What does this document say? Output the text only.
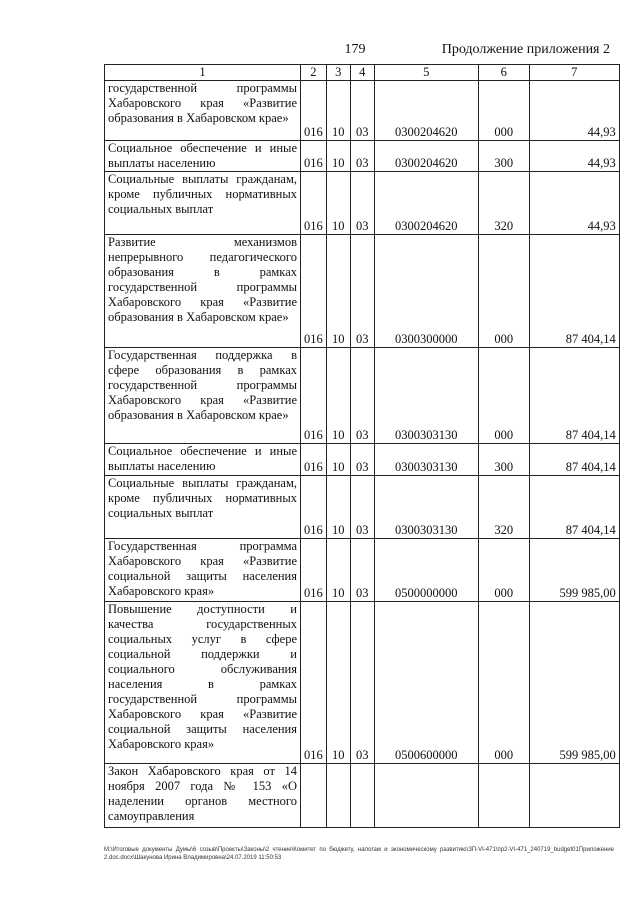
179	Продолжение приложения 2
1	2	3	4	5	6	7
государственной программы Хабаровского края «Развитие образования в Хабаровском крае»	016	10	03	0300204620	000	44,93
Социальное обеспечение и иные выплаты населению	016	10	03	0300204620	300	44,93
Социальные выплаты гражданам, кроме публичных нормативных социальных выплат	016	10	03	0300204620	320	44,93
Развитие механизмов непрерывного педагогического образования в рамках государственной программы Хабаровского края «Развитие образования в Хабаровском крае»	016	10	03	0300300000	000	87 404,14
Государственная поддержка в сфере образования в рамках государственной программы Хабаровского края «Развитие образования в Хабаровском крае»	016	10	03	0300303130	000	87 404,14
Социальное обеспечение и иные выплаты населению	016	10	03	0300303130	300	87 404,14
Социальные выплаты гражданам, кроме публичных нормативных социальных выплат	016	10	03	0300303130	320	87 404,14
Государственная программа Хабаровского края «Развитие социальной защиты населения Хабаровского края»	016	10	03	0500000000	000	599 985,00
Повышение доступности и качества государственных социальных услуг в сфере социальной поддержки и социального обслуживания населения в рамках государственной программы Хабаровского края «Развитие социальной защиты населения Хабаровского края»	016	10	03	0500600000	000	599 985,00
Закон Хабаровского края от 14 ноября 2007 года № 153 «О наделении органов местного самоуправления						
М:\Итоговые документы Думы\6 созыв\Проекты\Законы\2 чтение\Комитет по бюджету, налогам и экономическому развитию\ЗП-VI-471\пр2-VI-471_240719_budget01Приложение 2.doc.docx\Шакунова Ирина Владимировна\24.07.2019 11:50:53
